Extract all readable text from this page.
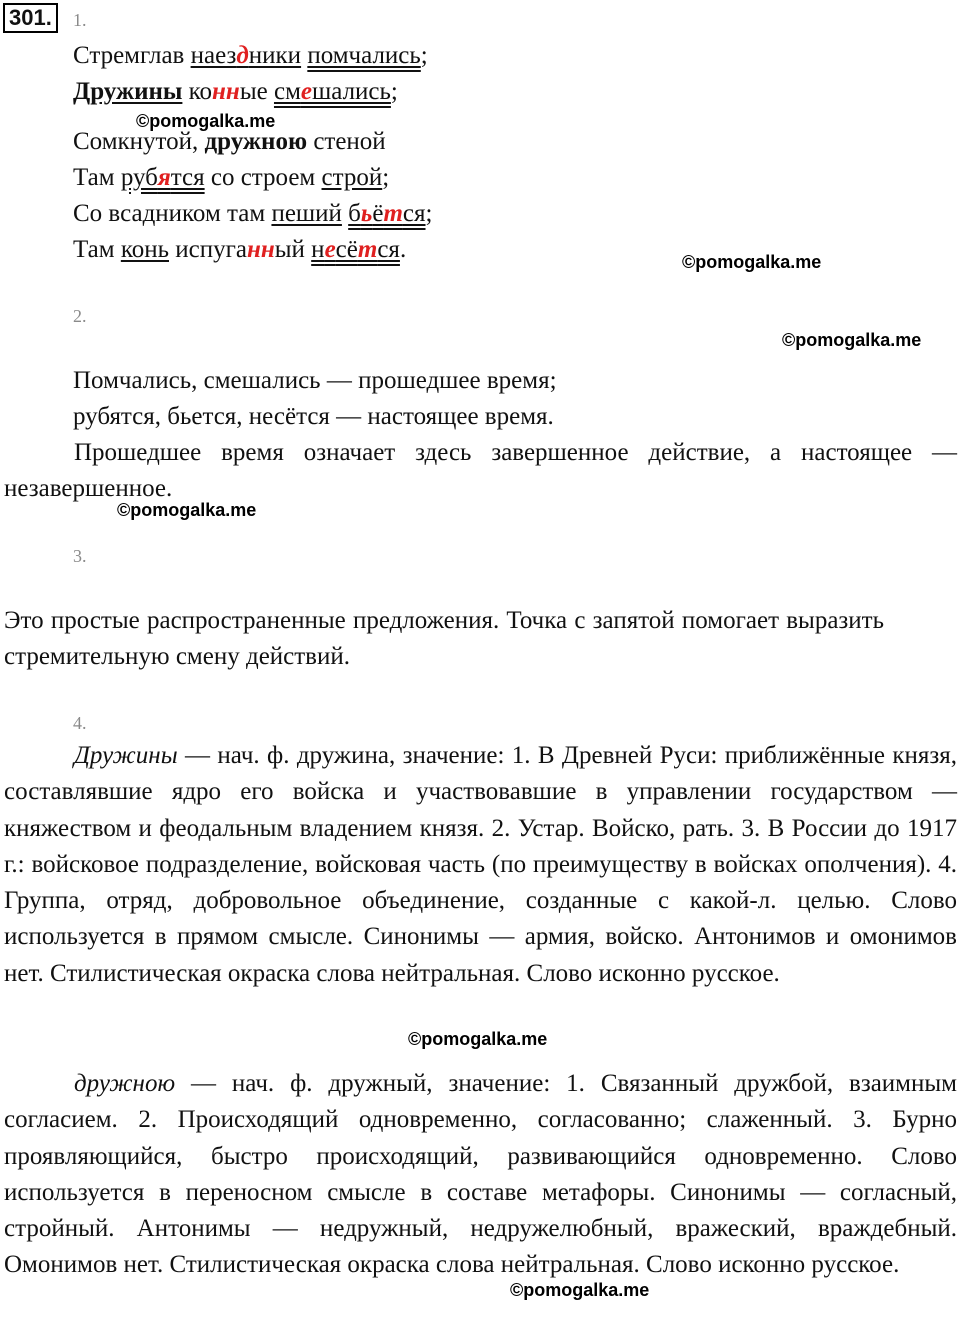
301.	1.
Стремглав наездники помчались;
Дружины конные смешались;
©pomogalka.me
Сомкнутой, дружною стеной
Там рубятся со строем строй;
Со всадником там пеший бьётся;
Там конь испуганный несётся.	©pomogalka.me
2.
©pomogalka.me
Помчались, смешались — прошедшее время;
рубятся, бьется, несётся — настоящее время.
Прошедшее время означает здесь завершенное действие, а настоящее — незавершенное.
©pomogalka.me
3.
Это простые распространенные предложения. Точка с запятой помогает выразить стремительную смену действий.
4.
Дружины — нач. ф. дружина, значение: 1. В Древней Руси: приближённые князя, составлявшие ядро его войска и участвовавшие в управлении государством — княжеством и феодальным владением князя. 2. Устар. Войско, рать. 3. В России до 1917 г.: войсковое подразделение, войсковая часть (по преимуществу в войсках ополчения). 4. Группа, отряд, добровольное объединение, созданные с какой-л. целью. Слово используется в прямом смысле. Синонимы — армия, войско. Антонимов и омонимов нет. Стилистическая окраска слова нейтральная. Слово исконно русское.
©pomogalka.me
дружною — нач. ф. дружный, значение: 1. Связанный дружбой, взаимным согласием. 2. Происходящий одновременно, согласованно; слаженный. 3. Бурно проявляющийся, быстро происходящий, развивающийся одновременно. Слово используется в переносном смысле в составе метафоры. Синонимы — согласный, стройный. Антонимы — недружный, недружелюбный, вражеский, враждебный. Омонимов нет. Стилистическая окраска слова нейтральная. Слово исконно русское.
©pomogalka.me
